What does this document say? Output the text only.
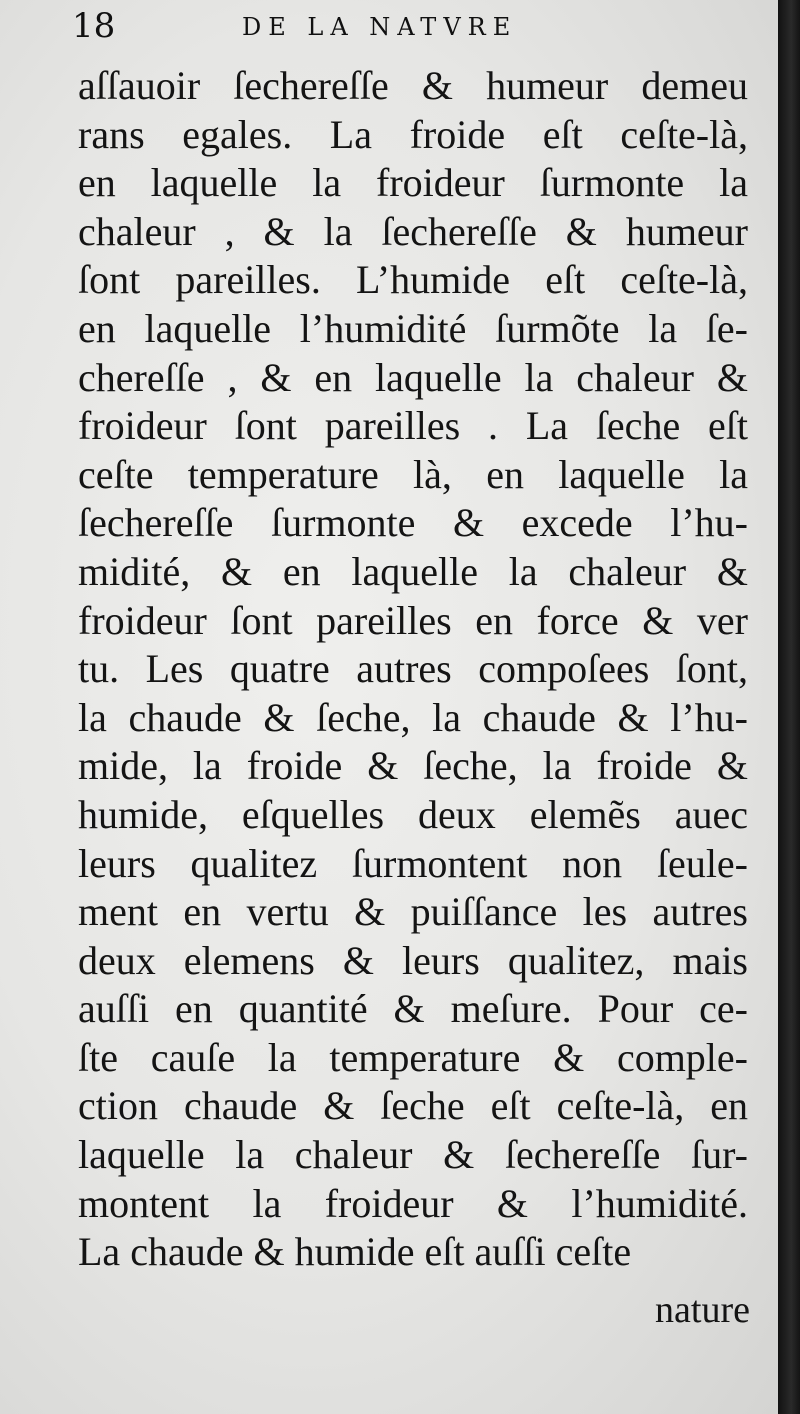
18	DE LA NATVRE
aſſauoir ſechereſſe & humeur demeu
rans egales. La froide eſt ceſte-là,
en laquelle la froideur ſurmonte la
chaleur , & la ſechereſſe & humeur
ſont pareilles. L’humide eſt ceſte-là,
en laquelle l’humidité ſurmõte la ſe-
chereſſe , & en laquelle la chaleur &
froideur ſont pareilles . La ſeche eſt
ceſte temperature là, en laquelle la
ſechereſſe ſurmonte & excede l’hu-
midité, & en laquelle la chaleur &
froideur ſont pareilles en force & ver
tu. Les quatre autres compoſees ſont,
la chaude & ſeche, la chaude & l’hu-
mide, la froide & ſeche, la froide &
humide, eſquelles deux elemẽs auec
leurs qualitez ſurmontent non ſeule-
ment en vertu & puiſſance les autres
deux elemens & leurs qualitez, mais
auſſi en quantité & meſure. Pour ce-
ſte cauſe la temperature & comple-
ction chaude & ſeche eſt ceſte-là, en
laquelle la chaleur & ſechereſſe ſur-
montent la froideur & l’humidité.
La chaude & humide eſt auſſi ceſte
nature
